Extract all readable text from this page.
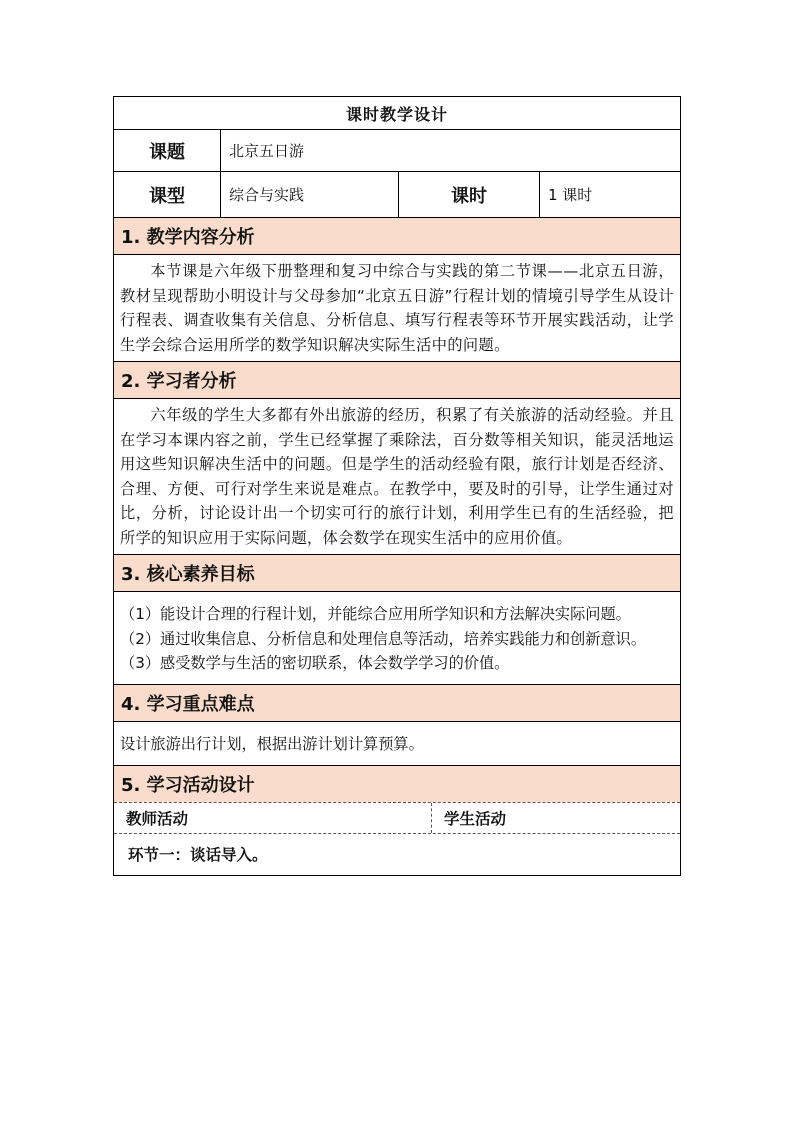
课时教学设计
课题	北京五日游
课型	综合与实践	课时	1 课时
1. 教学内容分析
本节课是六年级下册整理和复习中综合与实践的第二节课——北京五日游，教材呈现帮助小明设计与父母参加“北京五日游”行程计划的情境引导学生从设计行程表、调查收集有关信息、分析信息、填写行程表等环节开展实践活动，让学生学会综合运用所学的数学知识解决实际生活中的问题。
2. 学习者分析
六年级的学生大多都有外出旅游的经历，积累了有关旅游的活动经验。并且在学习本课内容之前，学生已经掌握了乘除法，百分数等相关知识，能灵活地运用这些知识解决生活中的问题。但是学生的活动经验有限，旅行计划是否经济、合理、方便、可行对学生来说是难点。在教学中，要及时的引导，让学生通过对比，分析，讨论设计出一个切实可行的旅行计划，利用学生已有的生活经验，把所学的知识应用于实际问题，体会数学在现实生活中的应用价值。
3. 核心素养目标
（1）能设计合理的行程计划，并能综合应用所学知识和方法解决实际问题。
（2）通过收集信息、分析信息和处理信息等活动，培养实践能力和创新意识。
（3）感受数学与生活的密切联系，体会数学学习的价值。
4. 学习重点难点
设计旅游出行计划，根据出游计划计算预算。
5. 学习活动设计
教师活动	学生活动
环节一：谈话导入。
